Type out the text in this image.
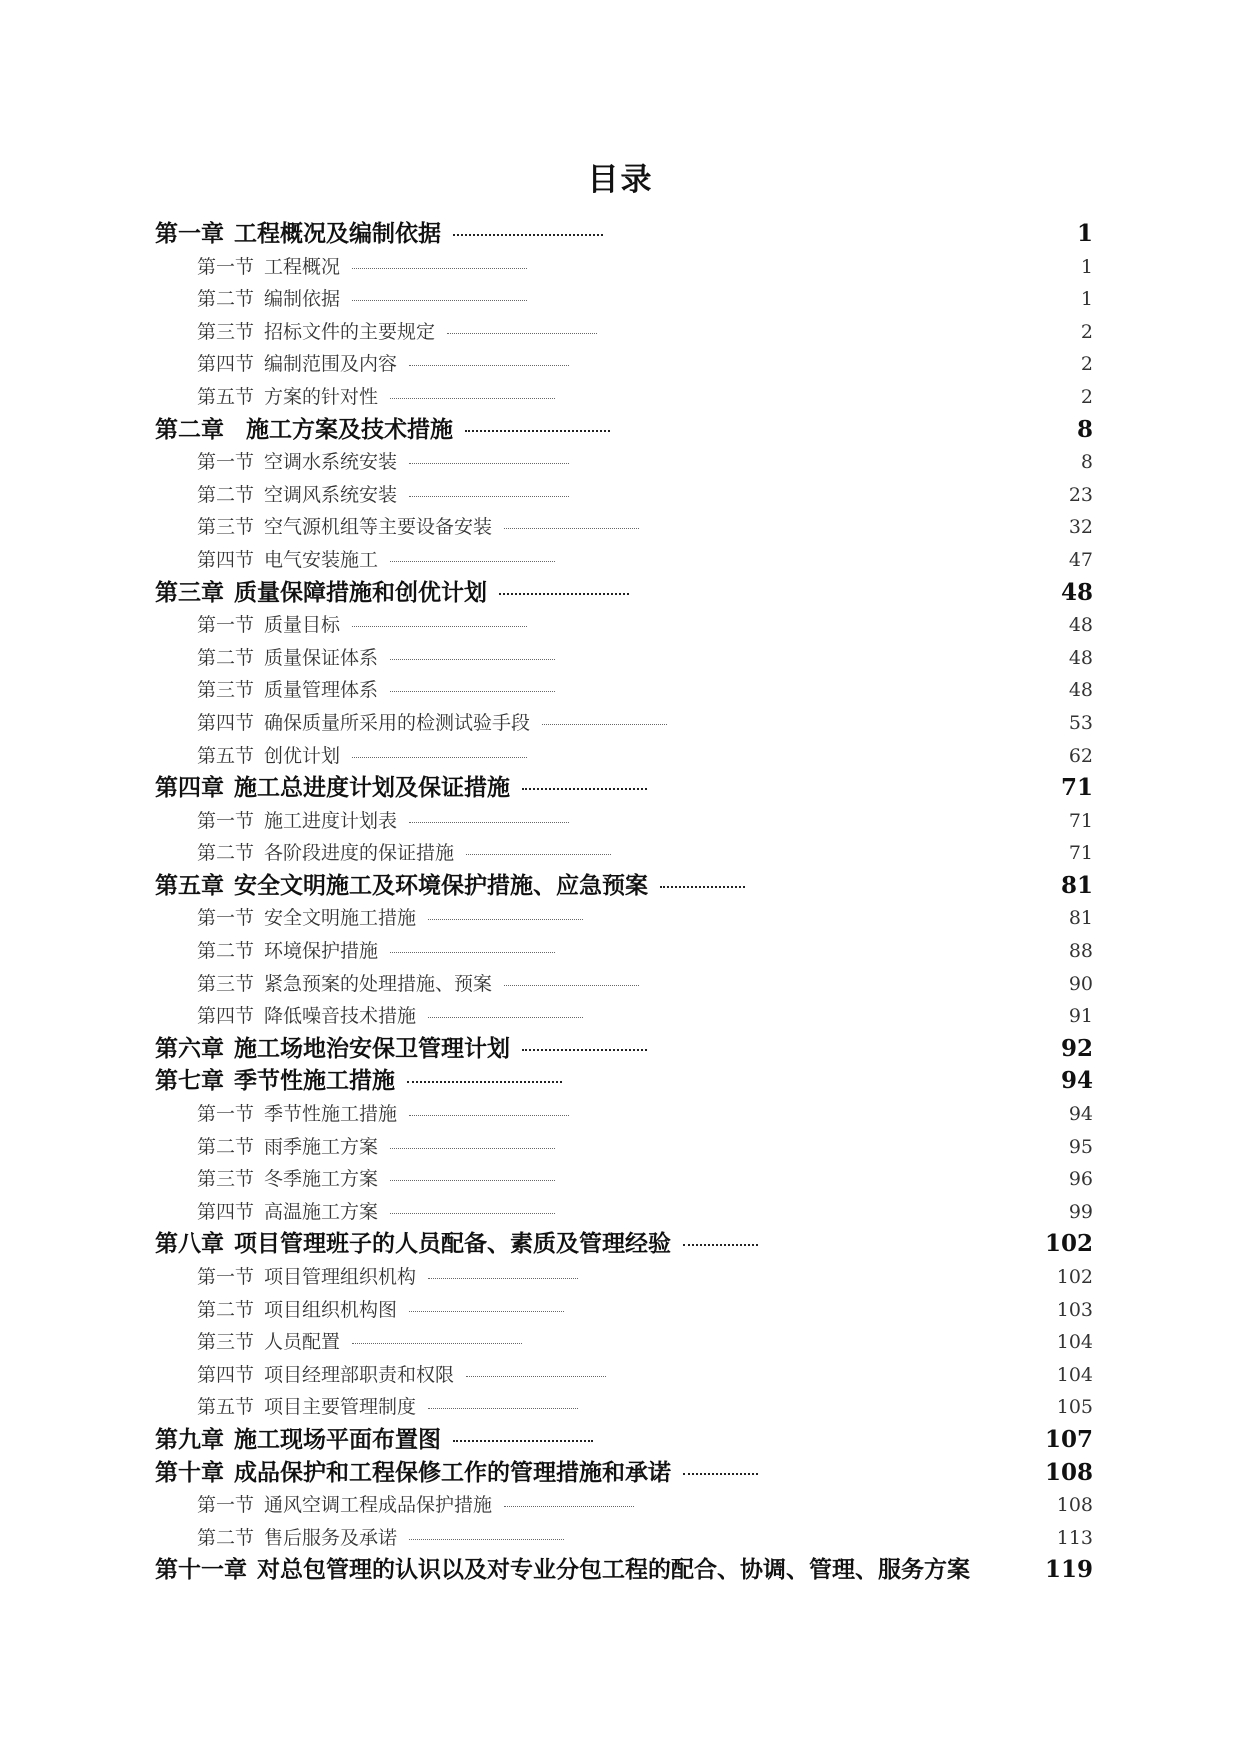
目录
第一章 工程概况及编制依据	1
第一节 工程概况	1
第二节 编制依据	1
第三节 招标文件的主要规定	2
第四节 编制范围及内容	2
第五节 方案的针对性	2
第二章 施工方案及技术措施	8
第一节 空调水系统安装	8
第二节 空调风系统安装	23
第三节 空气源机组等主要设备安装	32
第四节 电气安装施工	47
第三章 质量保障措施和创优计划	48
第一节 质量目标	48
第二节 质量保证体系	48
第三节 质量管理体系	48
第四节 确保质量所采用的检测试验手段	53
第五节 创优计划	62
第四章 施工总进度计划及保证措施	71
第一节 施工进度计划表	71
第二节 各阶段进度的保证措施	71
第五章 安全文明施工及环境保护措施、应急预案	81
第一节 安全文明施工措施	81
第二节 环境保护措施	88
第三节 紧急预案的处理措施、预案	90
第四节 降低噪音技术措施	91
第六章 施工场地治安保卫管理计划	92
第七章 季节性施工措施	94
第一节 季节性施工措施	94
第二节 雨季施工方案	95
第三节 冬季施工方案	96
第四节 高温施工方案	99
第八章 项目管理班子的人员配备、素质及管理经验	102
第一节 项目管理组织机构	102
第二节 项目组织机构图	103
第三节 人员配置	104
第四节 项目经理部职责和权限	104
第五节 项目主要管理制度	105
第九章 施工现场平面布置图	107
第十章 成品保护和工程保修工作的管理措施和承诺	108
第一节 通风空调工程成品保护措施	108
第二节 售后服务及承诺	113
第十一章 对总包管理的认识以及对专业分包工程的配合、协调、管理、服务方案	119
